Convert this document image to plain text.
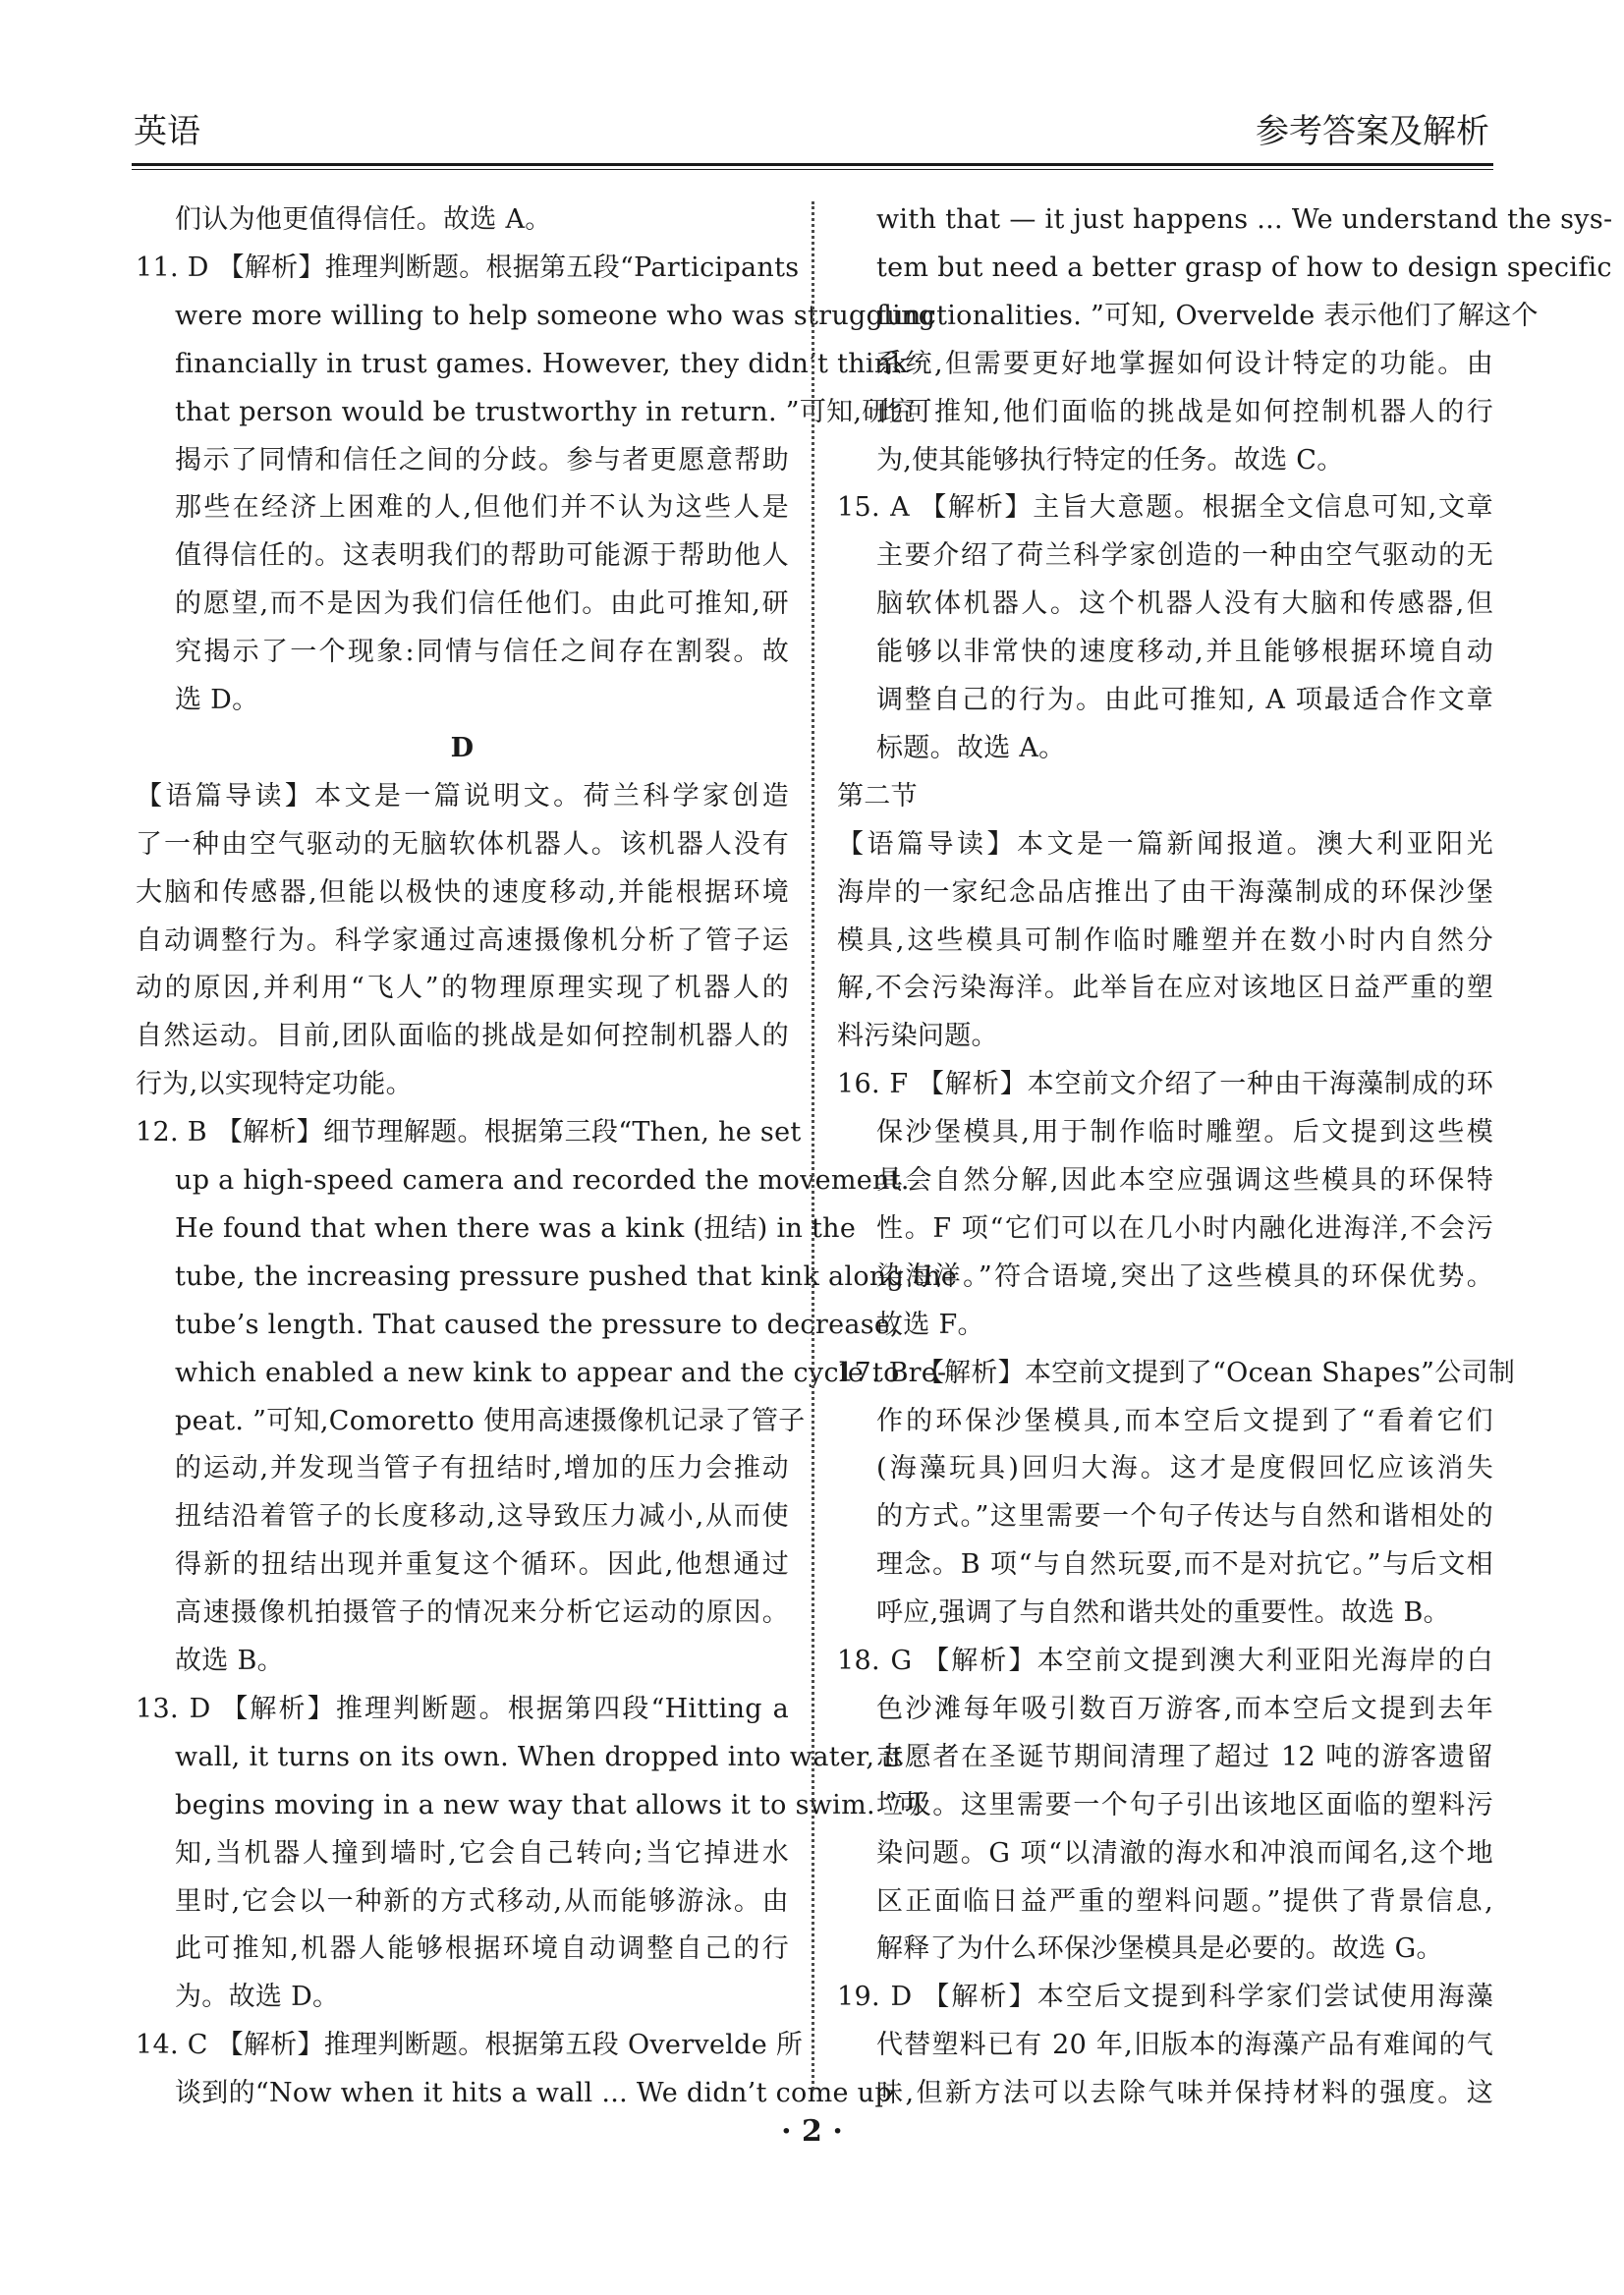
英语	参考答案及解析
们认为他更值得信任。故选 A。
11. D 【解析】推理判断题。根据第五段“Participants
were more willing to help someone who was struggling
financially in trust games. However, they didn’t think
that person would be trustworthy in return. ”可知,研究
揭示了同情和信任之间的分歧。参与者更愿意帮助
那些在经济上困难的人,但他们并不认为这些人是
值得信任的。这表明我们的帮助可能源于帮助他人
的愿望,而不是因为我们信任他们。由此可推知,研
究揭示了一个现象:同情与信任之间存在割裂。故
选 D。
D
【语篇导读】本文是一篇说明文。荷兰科学家创造
了一种由空气驱动的无脑软体机器人。该机器人没有
大脑和传感器,但能以极快的速度移动,并能根据环境
自动调整行为。科学家通过高速摄像机分析了管子运
动的原因,并利用“飞人”的物理原理实现了机器人的
自然运动。目前,团队面临的挑战是如何控制机器人的
行为,以实现特定功能。
12. B 【解析】细节理解题。根据第三段“Then, he set
up a high-speed camera and recorded the movement.
He found that when there was a kink (扭结) in the
tube, the increasing pressure pushed that kink along the
tube’s length. That caused the pressure to decrease,
which enabled a new kink to appear and the cycle to re-
peat. ”可知,Comoretto 使用高速摄像机记录了管子
的运动,并发现当管子有扭结时,增加的压力会推动
扭结沿着管子的长度移动,这导致压力减小,从而使
得新的扭结出现并重复这个循环。因此,他想通过
高速摄像机拍摄管子的情况来分析它运动的原因。
故选 B。
13. D 【解析】推理判断题。根据第四段“Hitting a
wall, it turns on its own. When dropped into water, it
begins moving in a new way that allows it to swim. ”可
知,当机器人撞到墙时,它会自己转向;当它掉进水
里时,它会以一种新的方式移动,从而能够游泳。由
此可推知,机器人能够根据环境自动调整自己的行
为。故选 D。
14. C 【解析】推理判断题。根据第五段 Overvelde 所
谈到的“Now when it hits a wall ... We didn’t come up
with that — it just happens ... We understand the sys-
tem but need a better grasp of how to design specific
functionalities. ”可知, Overvelde 表示他们了解这个
系统,但需要更好地掌握如何设计特定的功能。由
此可推知,他们面临的挑战是如何控制机器人的行
为,使其能够执行特定的任务。故选 C。
15. A 【解析】主旨大意题。根据全文信息可知,文章
主要介绍了荷兰科学家创造的一种由空气驱动的无
脑软体机器人。这个机器人没有大脑和传感器,但
能够以非常快的速度移动,并且能够根据环境自动
调整自己的行为。由此可推知, A 项最适合作文章
标题。故选 A。
第二节
【语篇导读】本文是一篇新闻报道。澳大利亚阳光
海岸的一家纪念品店推出了由干海藻制成的环保沙堡
模具,这些模具可制作临时雕塑并在数小时内自然分
解,不会污染海洋。此举旨在应对该地区日益严重的塑
料污染问题。
16. F 【解析】本空前文介绍了一种由干海藻制成的环
保沙堡模具,用于制作临时雕塑。后文提到这些模
具会自然分解,因此本空应强调这些模具的环保特
性。F 项“它们可以在几小时内融化进海洋,不会污
染海洋。”符合语境,突出了这些模具的环保优势。
故选 F。
17. B 【解析】本空前文提到了“Ocean Shapes”公司制
作的环保沙堡模具,而本空后文提到了“看着它们
(海藻玩具)回归大海。这才是度假回忆应该消失
的方式。”这里需要一个句子传达与自然和谐相处的
理念。B 项“与自然玩耍,而不是对抗它。”与后文相
呼应,强调了与自然和谐共处的重要性。故选 B。
18. G 【解析】本空前文提到澳大利亚阳光海岸的白
色沙滩每年吸引数百万游客,而本空后文提到去年
志愿者在圣诞节期间清理了超过 12 吨的游客遗留
垃圾。这里需要一个句子引出该地区面临的塑料污
染问题。G 项“以清澈的海水和冲浪而闻名,这个地
区正面临日益严重的塑料问题。”提供了背景信息,
解释了为什么环保沙堡模具是必要的。故选 G。
19. D 【解析】本空后文提到科学家们尝试使用海藻
代替塑料已有 20 年,旧版本的海藻产品有难闻的气
味,但新方法可以去除气味并保持材料的强度。这
· 2 ·
